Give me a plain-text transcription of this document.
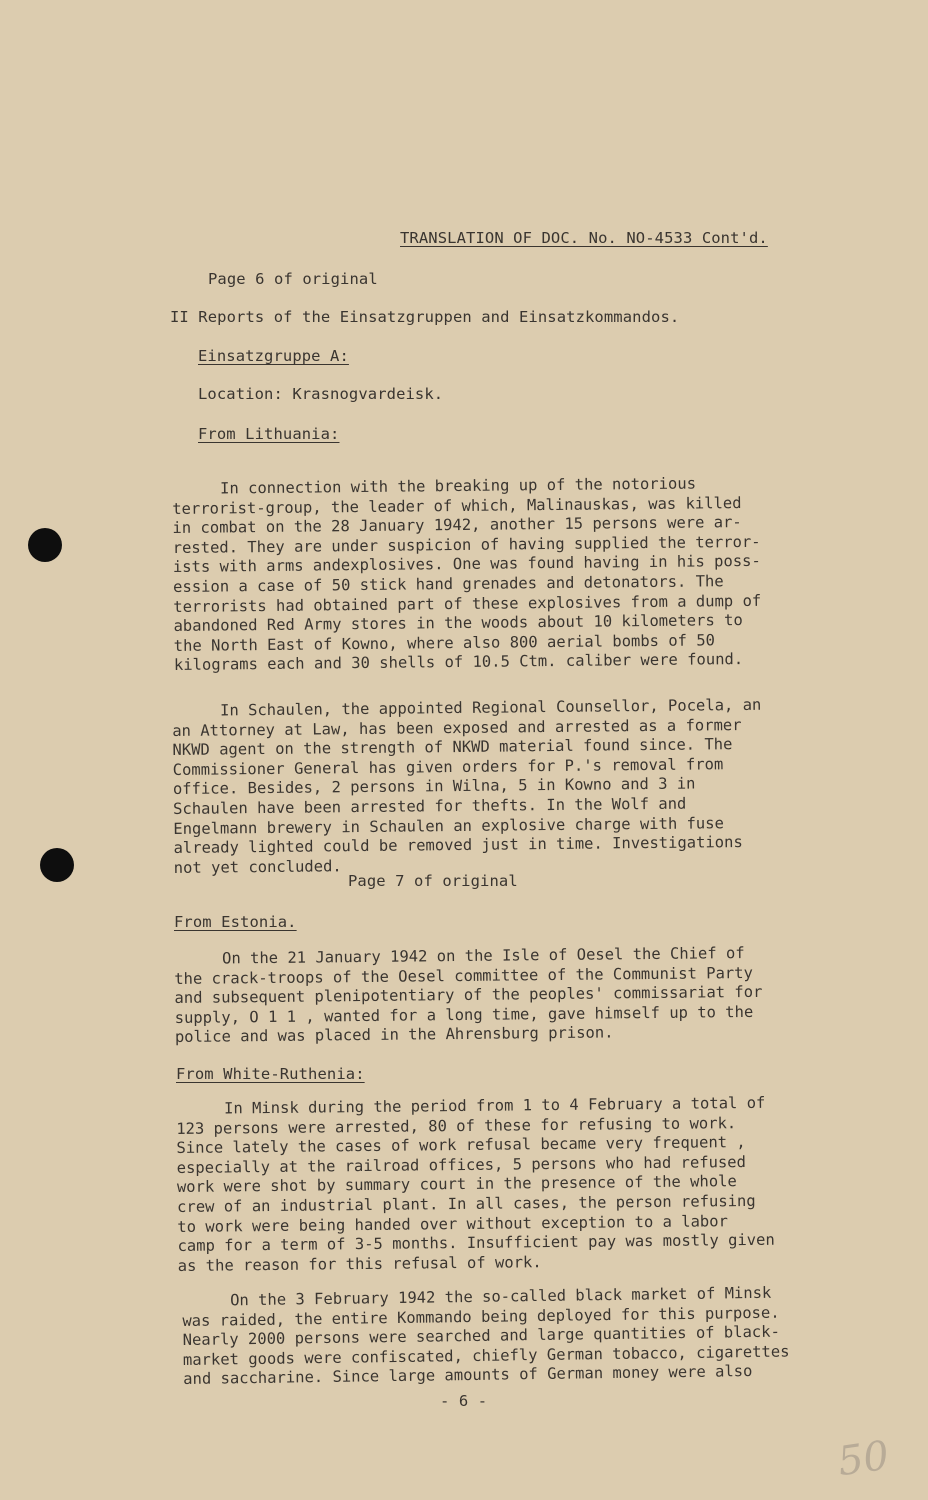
TRANSLATION OF DOC. No. NO-4533 Cont'd.
Page 6 of original
II Reports of the Einsatzgruppen and Einsatzkommandos.
Einsatzgruppe A:
Location: Krasnogvardeisk.
From Lithuania:
In connection with the breaking up of the notorious
terrorist-group, the leader of which, Malinauskas, was killed
in combat on the 28 January 1942, another 15 persons were ar-
rested. They are under suspicion of having supplied the terror-
ists with arms andexplosives. One was found having in his poss-
ession a case of 50 stick hand grenades and detonators. The
terrorists had obtained part of these explosives from a dump of
abandoned Red Army stores in the woods about 10 kilometers to
the North East of Kowno, where also 800 aerial bombs of 50
kilograms each and 30 shells of 10.5 Ctm. caliber were found.
In Schaulen, the appointed Regional Counsellor, Pocela, an
an Attorney at Law, has been exposed and arrested as a former
NKWD agent on the strength of NKWD material found since. The
Commissioner General has given orders for P.'s removal from
office. Besides, 2 persons in Wilna, 5 in Kowno and 3 in
Schaulen have been arrested for thefts. In the Wolf and
Engelmann brewery in Schaulen an explosive charge with fuse
already lighted could be removed just in time. Investigations
not yet concluded.
Page 7 of original
From Estonia.
On the 21 January 1942 on the Isle of Oesel the Chief of
the crack-troops of the Oesel committee of the Communist Party
and subsequent plenipotentiary of the peoples' commissariat for
supply, O 1 1 , wanted for a long time, gave himself up to the
police and was placed in the Ahrensburg prison.
From White-Ruthenia:
In Minsk during the period from 1 to 4 February a total of
123 persons were arrested, 80 of these for refusing to work.
Since lately the cases of work refusal became very frequent ,
especially at the railroad offices, 5 persons who had refused
work were shot by summary court in the presence of the whole
crew of an industrial plant. In all cases, the person refusing
to work were being handed over without exception to a labor
camp for a term of 3-5 months. Insufficient pay was mostly given
as the reason for this refusal of work.
On the 3 February 1942 the so-called black market of Minsk
was raided, the entire Kommando being deployed for this purpose.
Nearly 2000 persons were searched and large quantities of black-
market goods were confiscated, chiefly German tobacco, cigarettes
and saccharine. Since large amounts of German money were also
- 6 -
50
